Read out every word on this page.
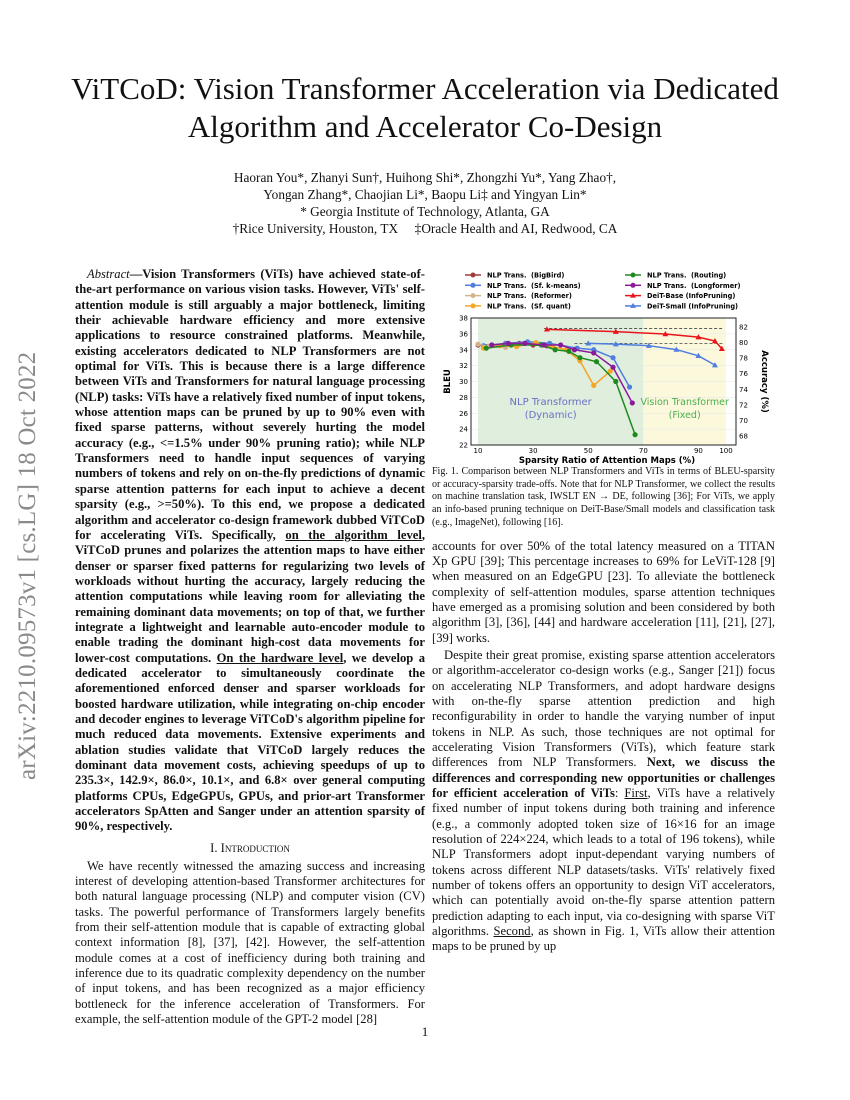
arXiv:2210.09573v1 [cs.LG] 18 Oct 2022
ViTCoD: Vision Transformer Acceleration via Dedicated Algorithm and Accelerator Co-Design
Haoran You*, Zhanyi Sun†, Huihong Shi*, Zhongzhi Yu*, Yang Zhao†,
Yongan Zhang*, Chaojian Li*, Baopu Li‡ and Yingyan Lin*
* Georgia Institute of Technology, Atlanta, GA
†Rice University, Houston, TX     ‡Oracle Health and AI, Redwood, CA

Abstract—Vision Transformers (ViTs) have achieved state-of-the-art performance on various vision tasks. However, ViTs' self-attention module is still arguably a major bottleneck, limiting their achievable hardware efficiency and more extensive applications to resource constrained platforms. Meanwhile, existing accelerators dedicated to NLP Transformers are not optimal for ViTs. This is because there is a large difference between ViTs and Transformers for natural language processing (NLP) tasks: ViTs have a relatively fixed number of input tokens, whose attention maps can be pruned by up to 90% even with fixed sparse patterns, without severely hurting the model accuracy (e.g., <=1.5% under 90% pruning ratio); while NLP Transformers need to handle input sequences of varying numbers of tokens and rely on on-the-fly predictions of dynamic sparse attention patterns for each input to achieve a decent sparsity (e.g., >=50%). To this end, we propose a dedicated algorithm and accelerator co-design framework dubbed ViTCoD for accelerating ViTs. Specifically, on the algorithm level, ViTCoD prunes and polarizes the attention maps to have either denser or sparser fixed patterns for regularizing two levels of workloads without hurting the accuracy, largely reducing the attention computations while leaving room for alleviating the remaining dominant data movements; on top of that, we further integrate a lightweight and learnable auto-encoder module to enable trading the dominant high-cost data movements for lower-cost computations. On the hardware level, we develop a dedicated accelerator to simultaneously coordinate the aforementioned enforced denser and sparser workloads for boosted hardware utilization, while integrating on-chip encoder and decoder engines to leverage ViTCoD's algorithm pipeline for much reduced data movements. Extensive experiments and ablation studies validate that ViTCoD largely reduces the dominant data movement costs, achieving speedups of up to 235.3×, 142.9×, 86.0×, 10.1×, and 6.8× over general computing platforms CPUs, EdgeGPUs, GPUs, and prior-art Transformer accelerators SpAtten and Sanger under an attention sparsity of 90%, respectively.

I. Introduction

We have recently witnessed the amazing success and increasing interest of developing attention-based Transformer architectures for both natural language processing (NLP) and computer vision (CV) tasks. The powerful performance of Transformers largely benefits from their self-attention module that is capable of extracting global context information [8], [37], [42]. However, the self-attention module comes at a cost of inefficiency during both training and inference due to its quadratic complexity dependency on the number of input tokens, and has been recognized as a major efficiency bottleneck for the inference acceleration of Transformers. For example, the self-attention module of the GPT-2 model [28]

NLP Transformer
(Dynamic)
Vision Transformer
(Fixed)
10	30	50	70	90 100
22
24
26
28
30
32
34
36
38
68
70
72
74
76
78
80
82
Sparsity Ratio of Attention Maps (%)
BLEU	Accuracy (%)
NLP Trans.  (BigBird)
NLP Trans.  (Sf. k-means)
NLP Trans.  (Reformer)
NLP Trans.  (Sf. quant)
NLP Trans.  (Routing)
NLP Trans.  (Longformer)
DeiT-Base (InfoPruning)
DeiT-Small (InfoPruning)
Fig. 1. Comparison between NLP Transformers and ViTs in terms of BLEU-sparsity or accuracy-sparsity trade-offs. Note that for NLP Transformer, we collect the results on machine translation task, IWSLT EN → DE, following [36]; For ViTs, we apply an info-based pruning technique on DeiT-Base/Small models and classification task (e.g., ImageNet), following [16].

accounts for over 50% of the total latency measured on a TITAN Xp GPU [39]; This percentage increases to 69% for LeViT-128 [9] when measured on an EdgeGPU [23]. To alleviate the bottleneck complexity of self-attention modules, sparse attention techniques have emerged as a promising solution and been considered by both algorithm [3], [36], [44] and hardware acceleration [11], [21], [27], [39] works.

Despite their great promise, existing sparse attention accelerators or algorithm-accelerator co-design works (e.g., Sanger [21]) focus on accelerating NLP Transformers, and adopt hardware designs with on-the-fly sparse attention prediction and high reconfigurability in order to handle the varying number of input tokens in NLP. As such, those techniques are not optimal for accelerating Vision Transformers (ViTs), which feature stark differences from NLP Transformers. Next, we discuss the differences and corresponding new opportunities or challenges for efficient acceleration of ViTs: First, ViTs have a relatively fixed number of input tokens during both training and inference (e.g., a commonly adopted token size of 16×16 for an image resolution of 224×224, which leads to a total of 196 tokens), while NLP Transformers adopt input-dependant varying numbers of tokens across different NLP datasets/tasks. ViTs' relatively fixed number of tokens offers an opportunity to design ViT accelerators, which can potentially avoid on-the-fly sparse attention pattern prediction adapting to each input, via co-designing with sparse ViT algorithms. Second, as shown in Fig. 1, ViTs allow their attention maps to be pruned by up

1
